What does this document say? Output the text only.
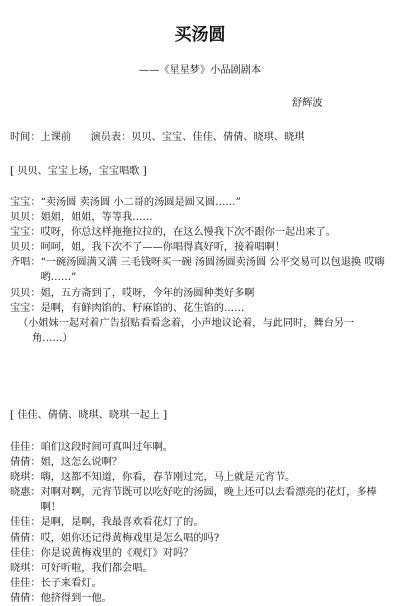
买汤圆
——《星星梦》小品剧剧本
舒辉波
时间：上课前 演员表：贝贝、宝宝、佳佳、倩倩、晓琪、晓琪
[ 贝贝、宝宝上场，宝宝唱歌 ]
宝宝： “卖汤圆 卖汤圆 小二哥的汤圆是圆又圆……”
贝贝： 姐姐，姐姐，等等我……
宝宝： 哎呀，你总这样拖拖拉拉的，在这么慢我下次不跟你一起出来了。
贝贝： 呵呵，姐，我下次不了——你唱得真好听，接着唱啊！
齐唱： “一碗汤圆满又满 三毛钱呀买一碗 汤圆汤圆卖汤圆 公平交易可以包退换 哎嗨哟……”
贝贝： 姐，五方斋到了，哎呀，今年的汤圆种类好多啊
宝宝： 是啊，有鲜肉馅的、籽麻馅的、花生馅的……
（小姐妹一起对着广告招贴看看念着，小声地议论着，与此同时，舞台另一角……）
[ 佳佳、倩倩、晓琪、晓琪一起上 ]
佳佳： 咱们这段时间可真叫过年啊。
倩倩： 姐，这怎么说啊？
晓琪： 嗨，这都不知道，你看，春节刚过完，马上就是元宵节。
晓惠： 对啊对啊，元宵节既可以吃好吃的汤圆，晚上还可以去看漂亮的花灯，多棒啊！
佳佳： 是啊，是啊，我最喜欢看花灯了的。
倩倩： 哎，姐你还记得黄梅戏里是怎么唱的吗?
佳佳： 你是说黄梅戏里的《观灯》对吗？
晓琪： 可好听啦，我们都会唱。
佳佳： 长子来看灯。
倩倩： 他挤得到一他。
